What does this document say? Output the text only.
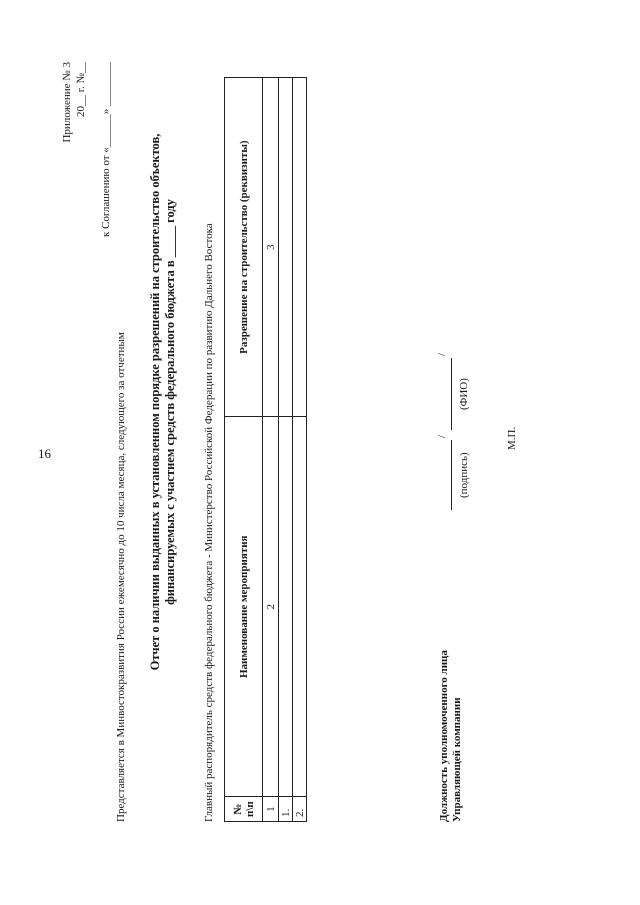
16
Приложение № 3 20__ г. №__ к Соглашению от «______» ________
Представляется в Минвостокразвития России ежемесячно до 10 числа месяца, следующего за отчетным Отчет о наличии выданных в установленном порядке разрешений на строительство объектов, финансируемых с участием средств федерального бюджета в _____ году Главный распорядитель средств федерального бюджета - Министерство Российской Федерации по развитию Дальнего Востока № п\п	Наименование мероприятия	Разрешение на строительство (реквизиты)
1	2	3
1.		
2.			Должность уполномоченного лица Управляющей компании
/
/
(подпись)
(ФИО)
М.П.
